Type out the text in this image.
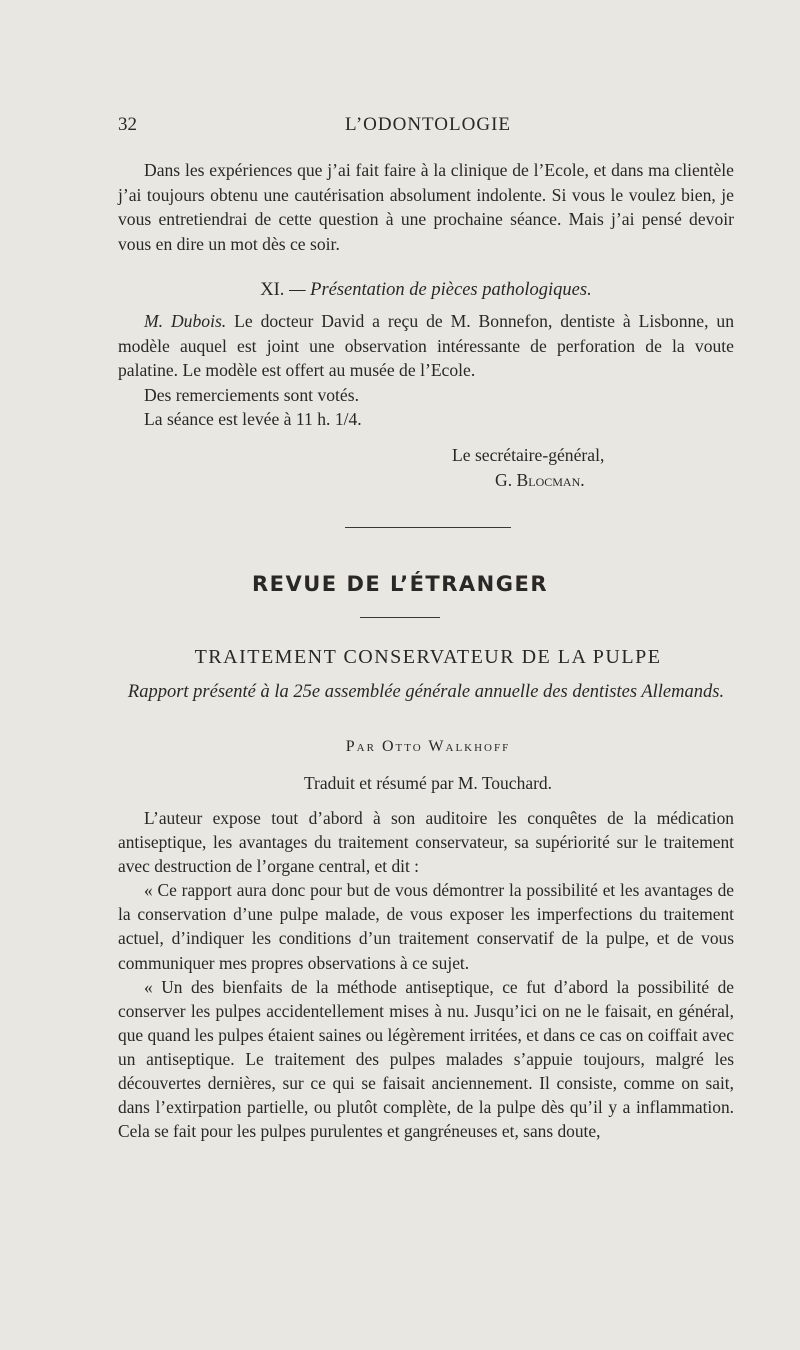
32	L’ODONTOLOGIE

Dans les expériences que j’ai fait faire à la clinique de l’Ecole, et dans ma clientèle j’ai toujours obtenu une cautérisation absolument indolente. Si vous le voulez bien, je vous entretiendrai de cette question à une prochaine séance. Mais j’ai pensé devoir vous en dire un mot dès ce soir.

XI. — Présentation de pièces pathologiques.

M. Dubois. Le docteur David a reçu de M. Bonnefon, dentiste à Lisbonne, un modèle auquel est joint une observation intéressante de perforation de la voute palatine. Le modèle est offert au musée de l’Ecole.

Des remerciements sont votés.

La séance est levée à 11 h. 1/4.

Le secrétaire-général,
G. Blocman.
REVUE DE L’ÉTRANGER
TRAITEMENT CONSERVATEUR DE LA PULPE
Rapport présenté à la 25e assemblée générale annuelle des dentistes Allemands.
Par Otto Walkhoff
Traduit et résumé par M. Touchard.

L’auteur expose tout d’abord à son auditoire les conquêtes de la médication antiseptique, les avantages du traitement conservateur, sa supériorité sur le traitement avec destruction de l’organe central, et dit :

« Ce rapport aura donc pour but de vous démontrer la possibilité et les avantages de la conservation d’une pulpe malade, de vous exposer les imperfections du traitement actuel, d’indiquer les conditions d’un traitement conservatif de la pulpe, et de vous communiquer mes propres observations à ce sujet.

« Un des bienfaits de la méthode antiseptique, ce fut d’abord la possibilité de conserver les pulpes accidentellement mises à nu. Jusqu’ici on ne le faisait, en général, que quand les pulpes étaient saines ou légèrement irritées, et dans ce cas on coiffait avec un antiseptique. Le traitement des pulpes malades s’appuie toujours, malgré les découvertes dernières, sur ce qui se faisait anciennement. Il consiste, comme on sait, dans l’extirpation partielle, ou plutôt complète, de la pulpe dès qu’il y a inflammation. Cela se fait pour les pulpes purulentes et gangréneuses et, sans doute,
